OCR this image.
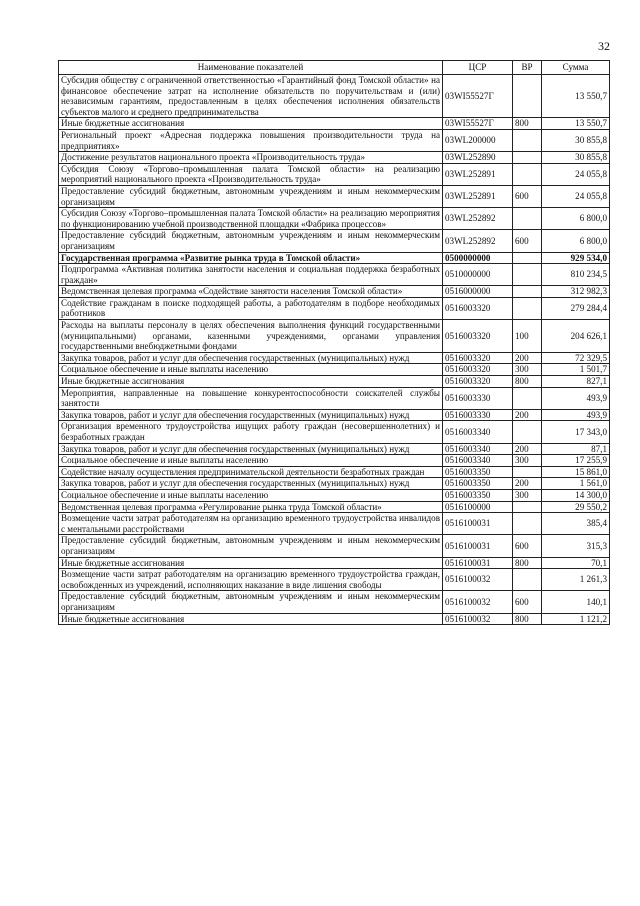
32
Наименование показателей	ЦСР	ВР	Сумма
Субсидия обществу с ограниченной ответственностью «Гарантийный фонд Томской области» на финансовое обеспечение затрат на исполнение обязательств по поручительствам и (или) независимым гарантиям, предоставленным в целях обеспечения исполнения обязательств субъектов малого и среднего предпринимательства	03WI55527Г		13 550,7
Иные бюджетные ассигнования	03WI55527Г	800	13 550,7
Региональный проект «Адресная поддержка повышения производительности труда на предприятиях»	03WL200000		30 855,8
Достижение результатов национального проекта «Производительность труда»	03WL252890		30 855,8
Субсидия Союзу «Торгово–промышленная палата Томской области» на реализацию мероприятий национального проекта «Производительность труда»	03WL252891		24 055,8
Предоставление субсидий бюджетным, автономным учреждениям и иным некоммерческим организациям	03WL252891	600	24 055,8
Субсидия Союзу «Торгово–промышленная палата Томской области» на реализацию мероприятия по функционированию учебной производственной площадки «Фабрика процессов»	03WL252892		6 800,0
Предоставление субсидий бюджетным, автономным учреждениям и иным некоммерческим организациям	03WL252892	600	6 800,0
Государственная программа «Развитие рынка труда в Томской области»	0500000000		929 534,0
Подпрограмма «Активная политика занятости населения и социальная поддержка безработных граждан»	0510000000		810 234,5
Ведомственная целевая программа «Содействие занятости населения Томской области»	0516000000		312 982,3
Содействие гражданам в поиске подходящей работы, а работодателям в подборе необходимых работников	0516003320		279 284,4
Расходы на выплаты персоналу в целях обеспечения выполнения функций государственными (муниципальными) органами, казенными учреждениями, органами управления государственными внебюджетными фондами	0516003320	100	204 626,1
Закупка товаров, работ и услуг для обеспечения государственных (муниципальных) нужд	0516003320	200	72 329,5
Социальное обеспечение и иные выплаты населению	0516003320	300	1 501,7
Иные бюджетные ассигнования	0516003320	800	827,1
Мероприятия, направленные на повышение конкурентоспособности соискателей службы занятости	0516003330		493,9
Закупка товаров, работ и услуг для обеспечения государственных (муниципальных) нужд	0516003330	200	493,9
Организация временного трудоустройства ищущих работу граждан (несовершеннолетних) и безработных граждан	0516003340		17 343,0
Закупка товаров, работ и услуг для обеспечения государственных (муниципальных) нужд	0516003340	200	87,1
Социальное обеспечение и иные выплаты населению	0516003340	300	17 255,9
Содействие началу осуществления предпринимательской деятельности безработных граждан	0516003350		15 861,0
Закупка товаров, работ и услуг для обеспечения государственных (муниципальных) нужд	0516003350	200	1 561,0
Социальное обеспечение и иные выплаты населению	0516003350	300	14 300,0
Ведомственная целевая программа «Регулирование рынка труда Томской области»	0516100000		29 550,2
Возмещение части затрат работодателям на организацию временного трудоустройства инвалидов с ментальными расстройствами	0516100031		385,4
Предоставление субсидий бюджетным, автономным учреждениям и иным некоммерческим организациям	0516100031	600	315,3
Иные бюджетные ассигнования	0516100031	800	70,1
Возмещение части затрат работодателям на организацию временного трудоустройства граждан, освобожденных из учреждений, исполняющих наказание в виде лишения свободы	0516100032		1 261,3
Предоставление субсидий бюджетным, автономным учреждениям и иным некоммерческим организациям	0516100032	600	140,1
Иные бюджетные ассигнования	0516100032	800	1 121,2
